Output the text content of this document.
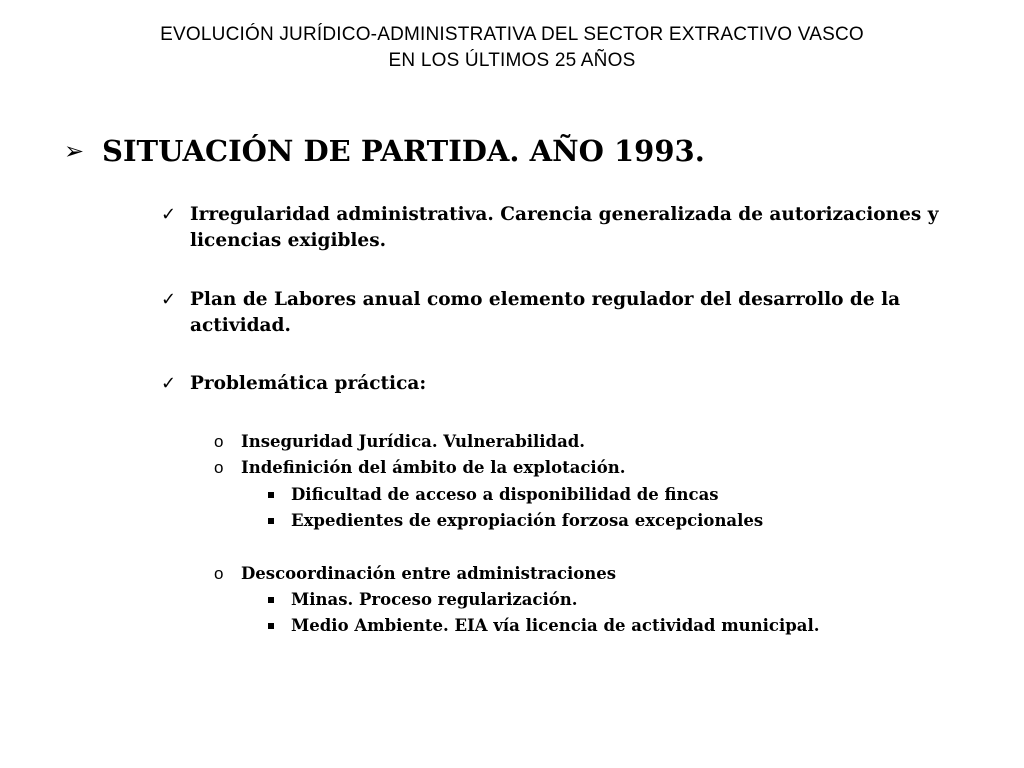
EVOLUCIÓN JURÍDICO-ADMINISTRATIVA DEL SECTOR EXTRACTIVO VASCO
EN LOS ÚLTIMOS 25 AÑOS
➢ SITUACIÓN DE PARTIDA. AÑO 1993.
✓ Irregularidad administrativa. Carencia generalizada de autorizaciones y licencias exigibles.
✓ Plan de Labores anual como elemento regulador del desarrollo de la actividad.
✓ Problemática práctica:
o Inseguridad Jurídica. Vulnerabilidad.
o Indefinición del ámbito de la explotación.
Dificultad de acceso a disponibilidad de fincas
Expedientes de expropiación forzosa excepcionales
o Descoordinación entre administraciones
Minas. Proceso regularización.
Medio Ambiente. EIA vía licencia de actividad municipal.
